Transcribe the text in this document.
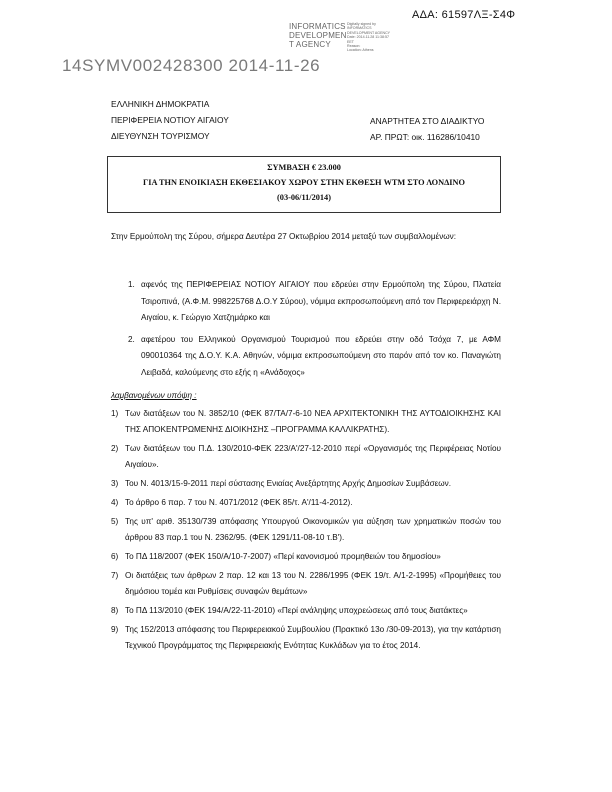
INFORMATICS
DEVELOPMEN
T AGENCY
Digitally signed by
INFORMATICS
DEVELOPMENT AGENCY
Date: 2014.11.28 11:38:57
EET
Reason:
Location: Athens
ΑΔΑ: 61597ΛΞ-Σ4Φ
14SYMV002428300 2014-11-26
ΕΛΛΗΝΙΚΗ ΔΗΜΟΚΡΑΤΙΑ
ΠΕΡΙΦΕΡΕΙΑ ΝΟΤΙΟΥ ΑΙΓΑΙΟΥ
ΔΙΕΥΘΥΝΣΗ ΤΟΥΡΙΣΜΟΥ
ΑΝΑΡΤΗΤΕΑ ΣΤΟ ΔΙΑΔΙΚΤΥΟ
ΑΡ. ΠΡΩΤ: οικ. 116286/10410
ΣΥΜΒΑΣΗ € 23.000
ΓΙΑ ΤΗΝ ΕΝΟΙΚΙΑΣΗ ΕΚΘΕΣΙΑΚΟΥ ΧΩΡΟΥ ΣΤΗΝ ΕΚΘΕΣΗ WTM ΣΤΟ ΛΟΝΔΙΝΟ
(03-06/11/2014)

Στην Ερμούπολη της Σύρου, σήμερα Δευτέρα 27 Οκτωβρίου 2014 μεταξύ των συμβαλλομένων:

1. αφενός της ΠΕΡΙΦΕΡΕΙΑΣ ΝΟΤΙΟΥ ΑΙΓΑΙΟΥ που εδρεύει στην Ερμούπολη της Σύρου, Πλατεία Τσιροπινά, (Α.Φ.Μ. 998225768 Δ.Ο.Υ Σύρου), νόμιμα εκπροσωπούμενη από τον Περιφερειάρχη Ν. Αιγαίου, κ. Γεώργιο Χατζημάρκο και
2. αφετέρου του Ελληνικού Οργανισμού Τουρισμού που εδρεύει στην οδό Τσόχα 7, με ΑΦΜ 090010364 της Δ.Ο.Υ. Κ.Α. Αθηνών, νόμιμα εκπροσωπούμενη στο παρόν από τον κο. Παναγιώτη Λειβαδά, καλούμενης στο εξής η «Ανάδοχος»
λαμβανομένων υπόψη :
1) Των διατάξεων του Ν. 3852/10 (ΦΕΚ 87/ΤΑ/7-6-10 ΝΕΑ ΑΡΧΙΤΕΚΤΟΝΙΚΗ ΤΗΣ ΑΥΤΟΔΙΟΙΚΗΣΗΣ ΚΑΙ ΤΗΣ ΑΠΟΚΕΝΤΡΩΜΕΝΗΣ ΔΙΟΙΚΗΣΗΣ –ΠΡΟΓΡΑΜΜΑ ΚΑΛΛΙΚΡΑΤΗΣ).
2) Των διατάξεων του Π.Δ. 130/2010-ΦΕΚ 223/Α'/27-12-2010 περί «Οργανισμός της Περιφέρειας Νοτίου Αιγαίου».
3) Του Ν. 4013/15-9-2011 περί σύστασης Ενιαίας Ανεξάρτητης Αρχής Δημοσίων Συμβάσεων.
4) Το άρθρο 6 παρ. 7 του Ν. 4071/2012 (ΦΕΚ 85/τ. Α'/11-4-2012).
5) Της υπ' αριθ. 35130/739 απόφασης Υπουργού Οικονομικών για αύξηση των χρηματικών ποσών του άρθρου 83 παρ.1 του Ν. 2362/95. (ΦΕΚ 1291/11-08-10 τ.Β').
6) Το ΠΔ 118/2007 (ΦΕΚ 150/Α/10-7-2007) «Περί κανονισμού προμηθειών του δημοσίου»
7) Οι διατάξεις των άρθρων 2 παρ. 12 και 13 του Ν. 2286/1995 (ΦΕΚ 19/τ. Α/1-2-1995) «Προμήθειες του δημόσιου τομέα και Ρυθμίσεις συναφών θεμάτων»
8) Το ΠΔ 113/2010 (ΦΕΚ 194/Α/22-11-2010) «Περί ανάληψης υποχρεώσεως από τους διατάκτες»
9) Της 152/2013 απόφασης του Περιφερειακού Συμβουλίου (Πρακτικό 13ο /30-09-2013), για την κατάρτιση Τεχνικού Προγράμματος της Περιφερειακής Ενότητας Κυκλάδων για το έτος 2014.
